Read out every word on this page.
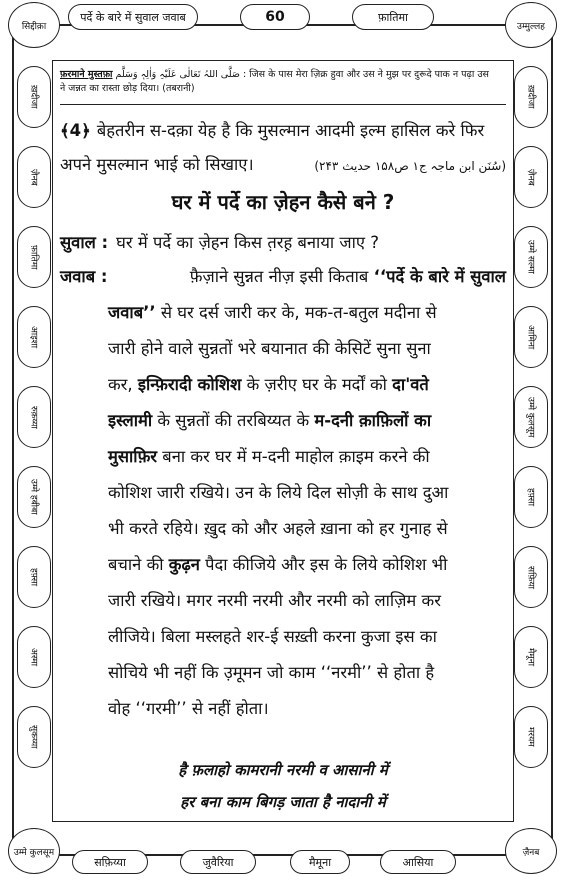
सिद्दीक़ा	उम्मुल्लह
पर्दे के बारे में सुवाल जवाब	60	फ़ातिमा
ख़दीजा
ज़ैनब
फ़ातिमा
आइशा
रुक़य्या
उम्मे हबीबा
हफ़्सा
अस्मा
सुकय्या
ख़दीजा
ज़ैनब
उम्मे सल्मा
आमिना
उम्मे कुलसूम
हफ़्सा
सफ़िया
मैमूना
मरयम
फ़रमाने मुस्तफ़ा صَلَّی اللہُ تَعَالٰی عَلَیْہِ وَاٰلِہٖ وَسَلَّم : जिस के पास मेरा ज़िक्र हुवा और उस ने मुझ पर दुरूदे पाक न पढ़ा उस
ने जन्नत का रास्ता छोड़ दिया। (तबरानी)
﴾4﴿ बेहतरीन स-दक़ा येह है कि मुसल्मान आदमी इल्म हासिल करे फिर
अपने मुसल्मान भाई को सिखाए।	(سُنَن ابن ماجہ ج۱ ص۱۵۸ حدیث ۲۴۳)
घर में पर्दे का ज़ेहन कैसे बने ?
सुवाल : घर में पर्दे का ज़ेहन किस त़रह़ बनाया जाए ?
जवाब :	फ़ैज़ाने सुन्नत नीज़ इसी किताब ‘‘पर्दे के बारे में सुवाल
जवाब’’ से घर दर्स जारी कर के, मक-त-बतुल मदीना से
जारी होने वाले सुन्नतों भरे बयानात की केसिटें सुना सुना
कर, इन्फ़िरादी कोशिश के ज़रीए घर के मर्दों को दा'वते
इस्लामी के सुन्नतों की तरबिय्यत के म-दनी क़ाफ़िलों का
मुसाफ़िर बना कर घर में म-दनी माहोल क़ाइम करने की
कोशिश जारी रखिये। उन के लिये दिल सोज़ी के साथ दुआ
भी करते रहिये। ख़ुद को और अहले ख़ाना को हर गुनाह से
बचाने की कुढ़न पैदा कीजिये और इस के लिये कोशिश भी
जारी रखिये। मगर नरमी नरमी और नरमी को लाज़िम कर
लीजिये। बिला मस्लहते शर-ई सख़्ती करना कुजा इस का
सोचिये भी नहीं कि उ़मूमन जो काम ‘‘नरमी’’ से होता है
वोह ‘‘गरमी’’ से नहीं होता।
है फ़लाहो कामरानी नरमी व आसानी में
हर बना काम बिगड़ जाता है नादानी में
उम्मे कुलसूम	ज़ैनब
सफ़िय्या	जुवैरिया	मैमूना	आसिया
